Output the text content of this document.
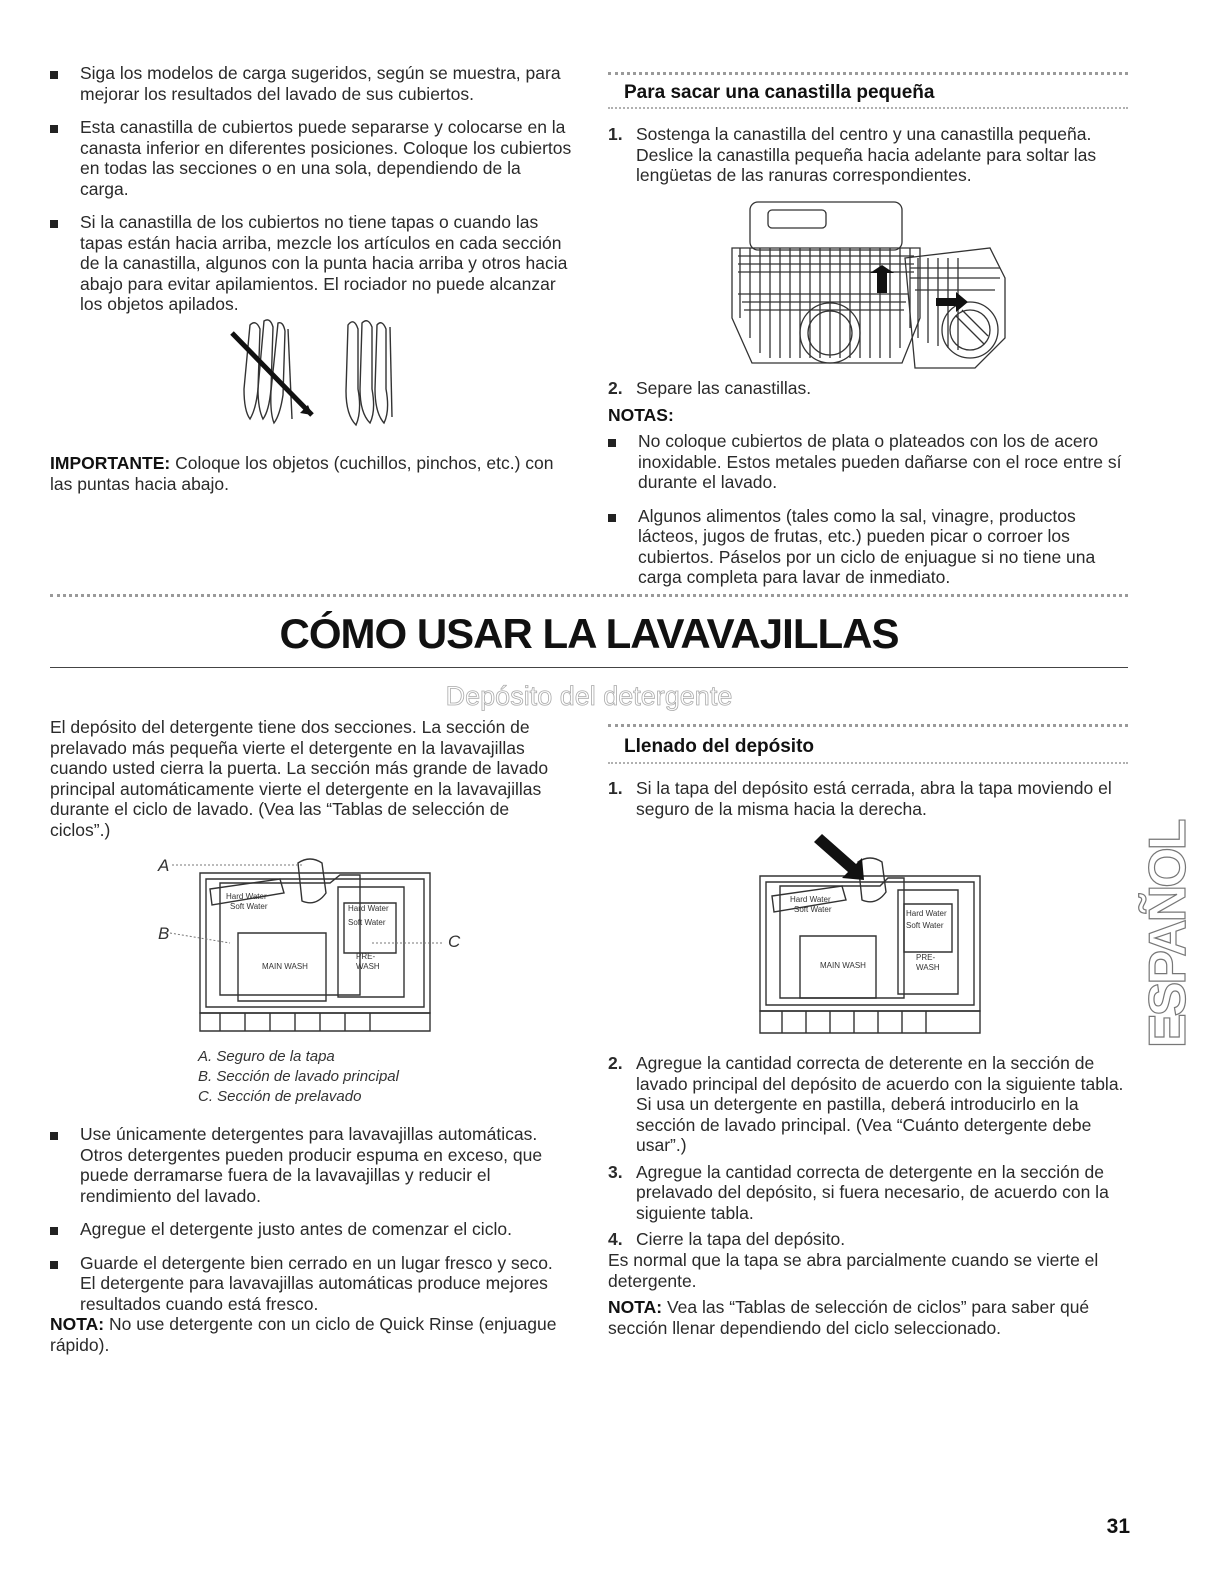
Siga los modelos de carga sugeridos, según se muestra, para mejorar los resultados del lavado de sus cubiertos.
Esta canastilla de cubiertos puede separarse y colocarse en la canasta inferior en diferentes posiciones. Coloque los cubiertos en todas las secciones o en una sola, dependiendo de la carga.
Si la canastilla de los cubiertos no tiene tapas o cuando las tapas están hacia arriba, mezcle los artículos en cada sección de la canastilla, algunos con la punta hacia arriba y otros hacia abajo para evitar apilamientos. El rociador no puede alcanzar los objetos apilados.
IMPORTANTE: Coloque los objetos (cuchillos, pinchos, etc.) con las puntas hacia abajo.
Para sacar una canastilla pequeña
1. Sostenga la canastilla del centro y una canastilla pequeña. Deslice la canastilla pequeña hacia adelante para soltar las lengüetas de las ranuras correspondientes.
2. Separe las canastillas.
NOTAS:
No coloque cubiertos de plata o plateados con los de acero inoxidable. Estos metales pueden dañarse con el roce entre sí durante el lavado.
Algunos alimentos (tales como la sal, vinagre, productos lácteos, jugos de frutas, etc.) pueden picar o corroer los cubiertos. Páselos por un ciclo de enjuague si no tiene una carga completa para lavar de inmediato.
CÓMO USAR LA LAVAVAJILLAS
Depósito del detergente
El depósito del detergente tiene dos secciones. La sección de prelavado más pequeña vierte el detergente en la lavavajillas cuando usted cierra la puerta. La sección más grande de lavado principal automáticamente vierte el detergente en la lavavajillas durante el ciclo de lavado. (Vea las “Tablas de selección de ciclos”.)
A
B	C
Hard Water
Soft Water	Hard Water
Soft Water
MAIN WASH
PRE-
WASH
A. Seguro de la tapa
B. Sección de lavado principal
C. Sección de prelavado
Use únicamente detergentes para lavavajillas automáticas. Otros detergentes pueden producir espuma en exceso, que puede derramarse fuera de la lavavajillas y reducir el rendimiento del lavado.
Agregue el detergente justo antes de comenzar el ciclo.
Guarde el detergente bien cerrado en un lugar fresco y seco. El detergente para lavavajillas automáticas produce mejores resultados cuando está fresco.
NOTA: No use detergente con un ciclo de Quick Rinse (enjuague rápido).
Llenado del depósito
1. Si la tapa del depósito está cerrada, abra la tapa moviendo el seguro de la misma hacia la derecha.
Hard Water
Soft Water	Hard Water
Soft Water
MAIN WASH
PRE-
WASH
2. Agregue la cantidad correcta de deterente en la sección de lavado principal del depósito de acuerdo con la siguiente tabla. Si usa un detergente en pastilla, deberá introducirlo en la sección de lavado principal. (Vea “Cuánto detergente debe usar”.)
3. Agregue la cantidad correcta de detergente en la sección de prelavado del depósito, si fuera necesario, de acuerdo con la siguiente tabla.
4. Cierre la tapa del depósito.
Es normal que la tapa se abra parcialmente cuando se vierte el detergente.
NOTA: Vea las “Tablas de selección de ciclos” para saber qué sección llenar dependiendo del ciclo seleccionado.
ESPAÑOL
31
